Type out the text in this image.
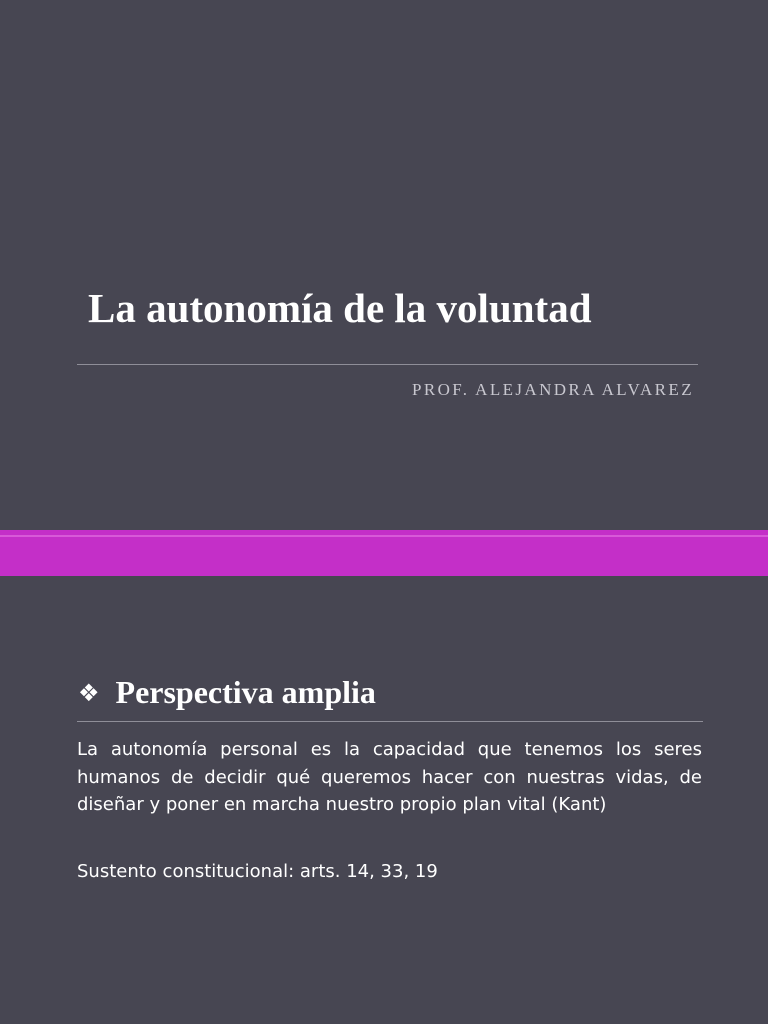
La autonomía de la voluntad
PROF. ALEJANDRA ALVAREZ
❖ Perspectiva amplia

La autonomía personal es la capacidad que tenemos los seres humanos de decidir qué queremos hacer con nuestras vidas, de diseñar y poner en marcha nuestro propio plan vital (Kant)

Sustento constitucional: arts. 14, 33, 19
